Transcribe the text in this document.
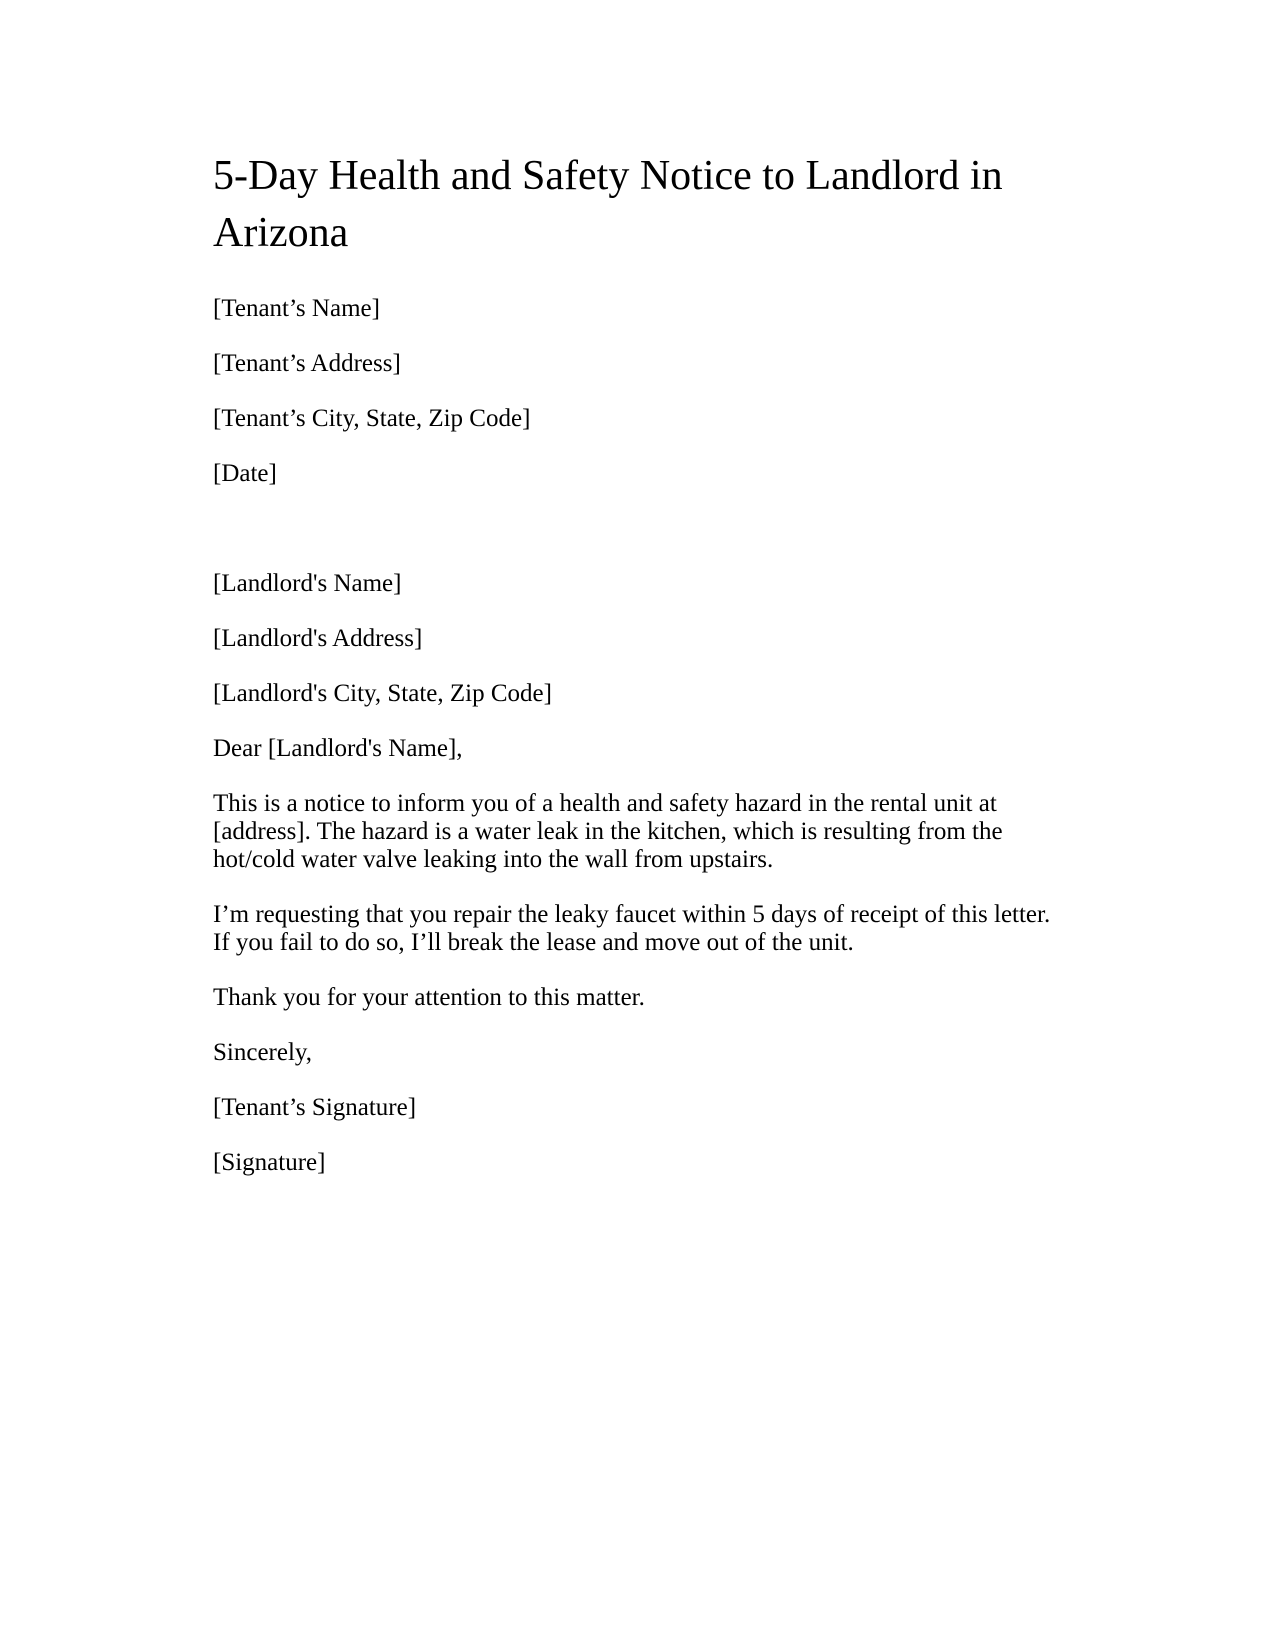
5-Day Health and Safety Notice to Landlord in Arizona

[Tenant’s Name]

[Tenant’s Address]

[Tenant’s City, State, Zip Code]

[Date]

[Landlord's Name]

[Landlord's Address]

[Landlord's City, State, Zip Code]

Dear [Landlord's Name],

This is a notice to inform you of a health and safety hazard in the rental unit at [address]. The hazard is a water leak in the kitchen, which is resulting from the hot/cold water valve leaking into the wall from upstairs.

I’m requesting that you repair the leaky faucet within 5 days of receipt of this letter. If you fail to do so, I’ll break the lease and move out of the unit.

Thank you for your attention to this matter.

Sincerely,

[Tenant’s Signature]

[Signature]
